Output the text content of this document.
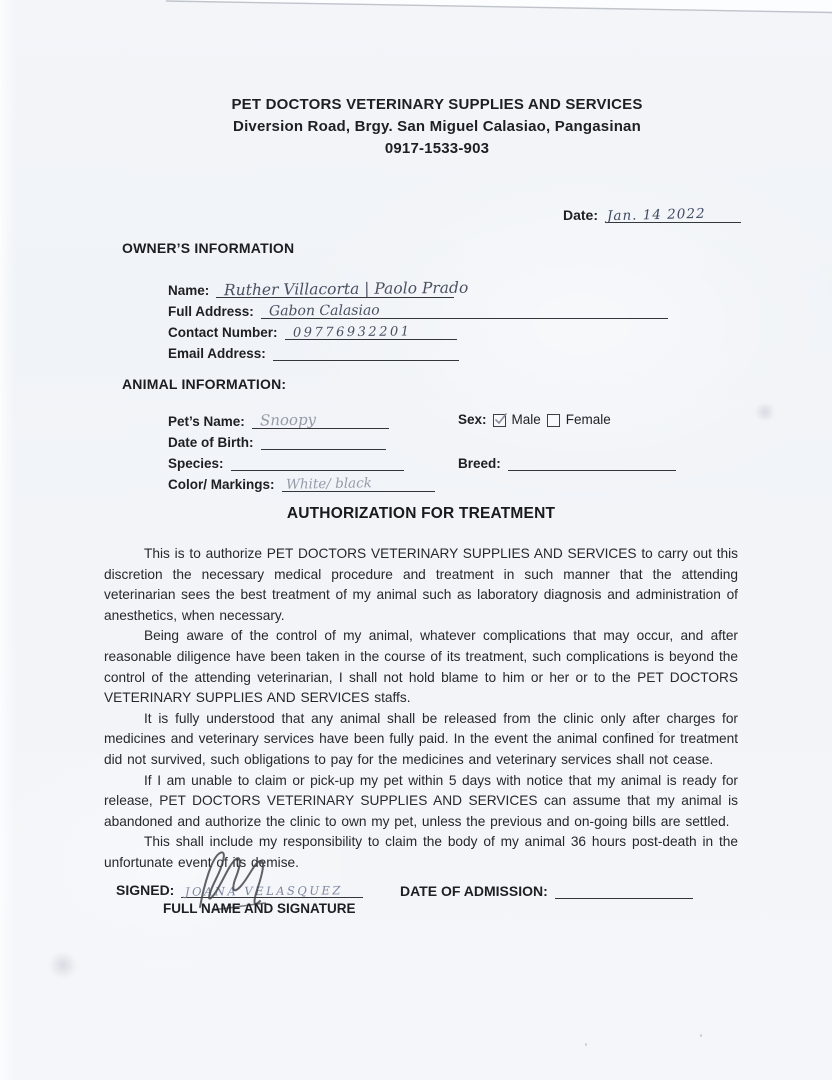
PET DOCTORS VETERINARY SUPPLIES AND SERVICES
Diversion Road, Brgy. San Miguel Calasiao, Pangasinan
0917-1533-903
Date: Jan. 14 2022
OWNER’S INFORMATION
Name: Ruther Villacorta | Paolo Prado
Full Address: Gabon Calasiao
Contact Number: 09776932201
Email Address:
ANIMAL INFORMATION:
Pet’s Name: Snoopy	Sex: Male Female
Date of Birth:
Species:	Breed:
Color/ Markings: White/ black
AUTHORIZATION FOR TREATMENT

This is to authorize PET DOCTORS VETERINARY SUPPLIES AND SERVICES to carry out this discretion the necessary medical procedure and treatment in such manner that the attending veterinarian sees the best treatment of my animal such as laboratory diagnosis and administration of anesthetics, when necessary.

Being aware of the control of my animal, whatever complications that may occur, and after reasonable diligence have been taken in the course of its treatment, such complications is beyond the control of the attending veterinarian, I shall not hold blame to him or her or to the PET DOCTORS VETERINARY SUPPLIES AND SERVICES staffs.

It is fully understood that any animal shall be released from the clinic only after charges for medicines and veterinary services have been fully paid. In the event the animal confined for treatment did not survived, such obligations to pay for the medicines and veterinary services shall not cease.

If I am unable to claim or pick-up my pet within 5 days with notice that my animal is ready for release, PET DOCTORS VETERINARY SUPPLIES AND SERVICES can assume that my animal is abandoned and authorize the clinic to own my pet, unless the previous and on-going bills are settled.

This shall include my responsibility to claim the body of my animal 36 hours post-death in the unfortunate event of its demise.

SIGNED: JOANA VELASQUEZ
FULL NAME AND SIGNATURE
DATE OF ADMISSION:
